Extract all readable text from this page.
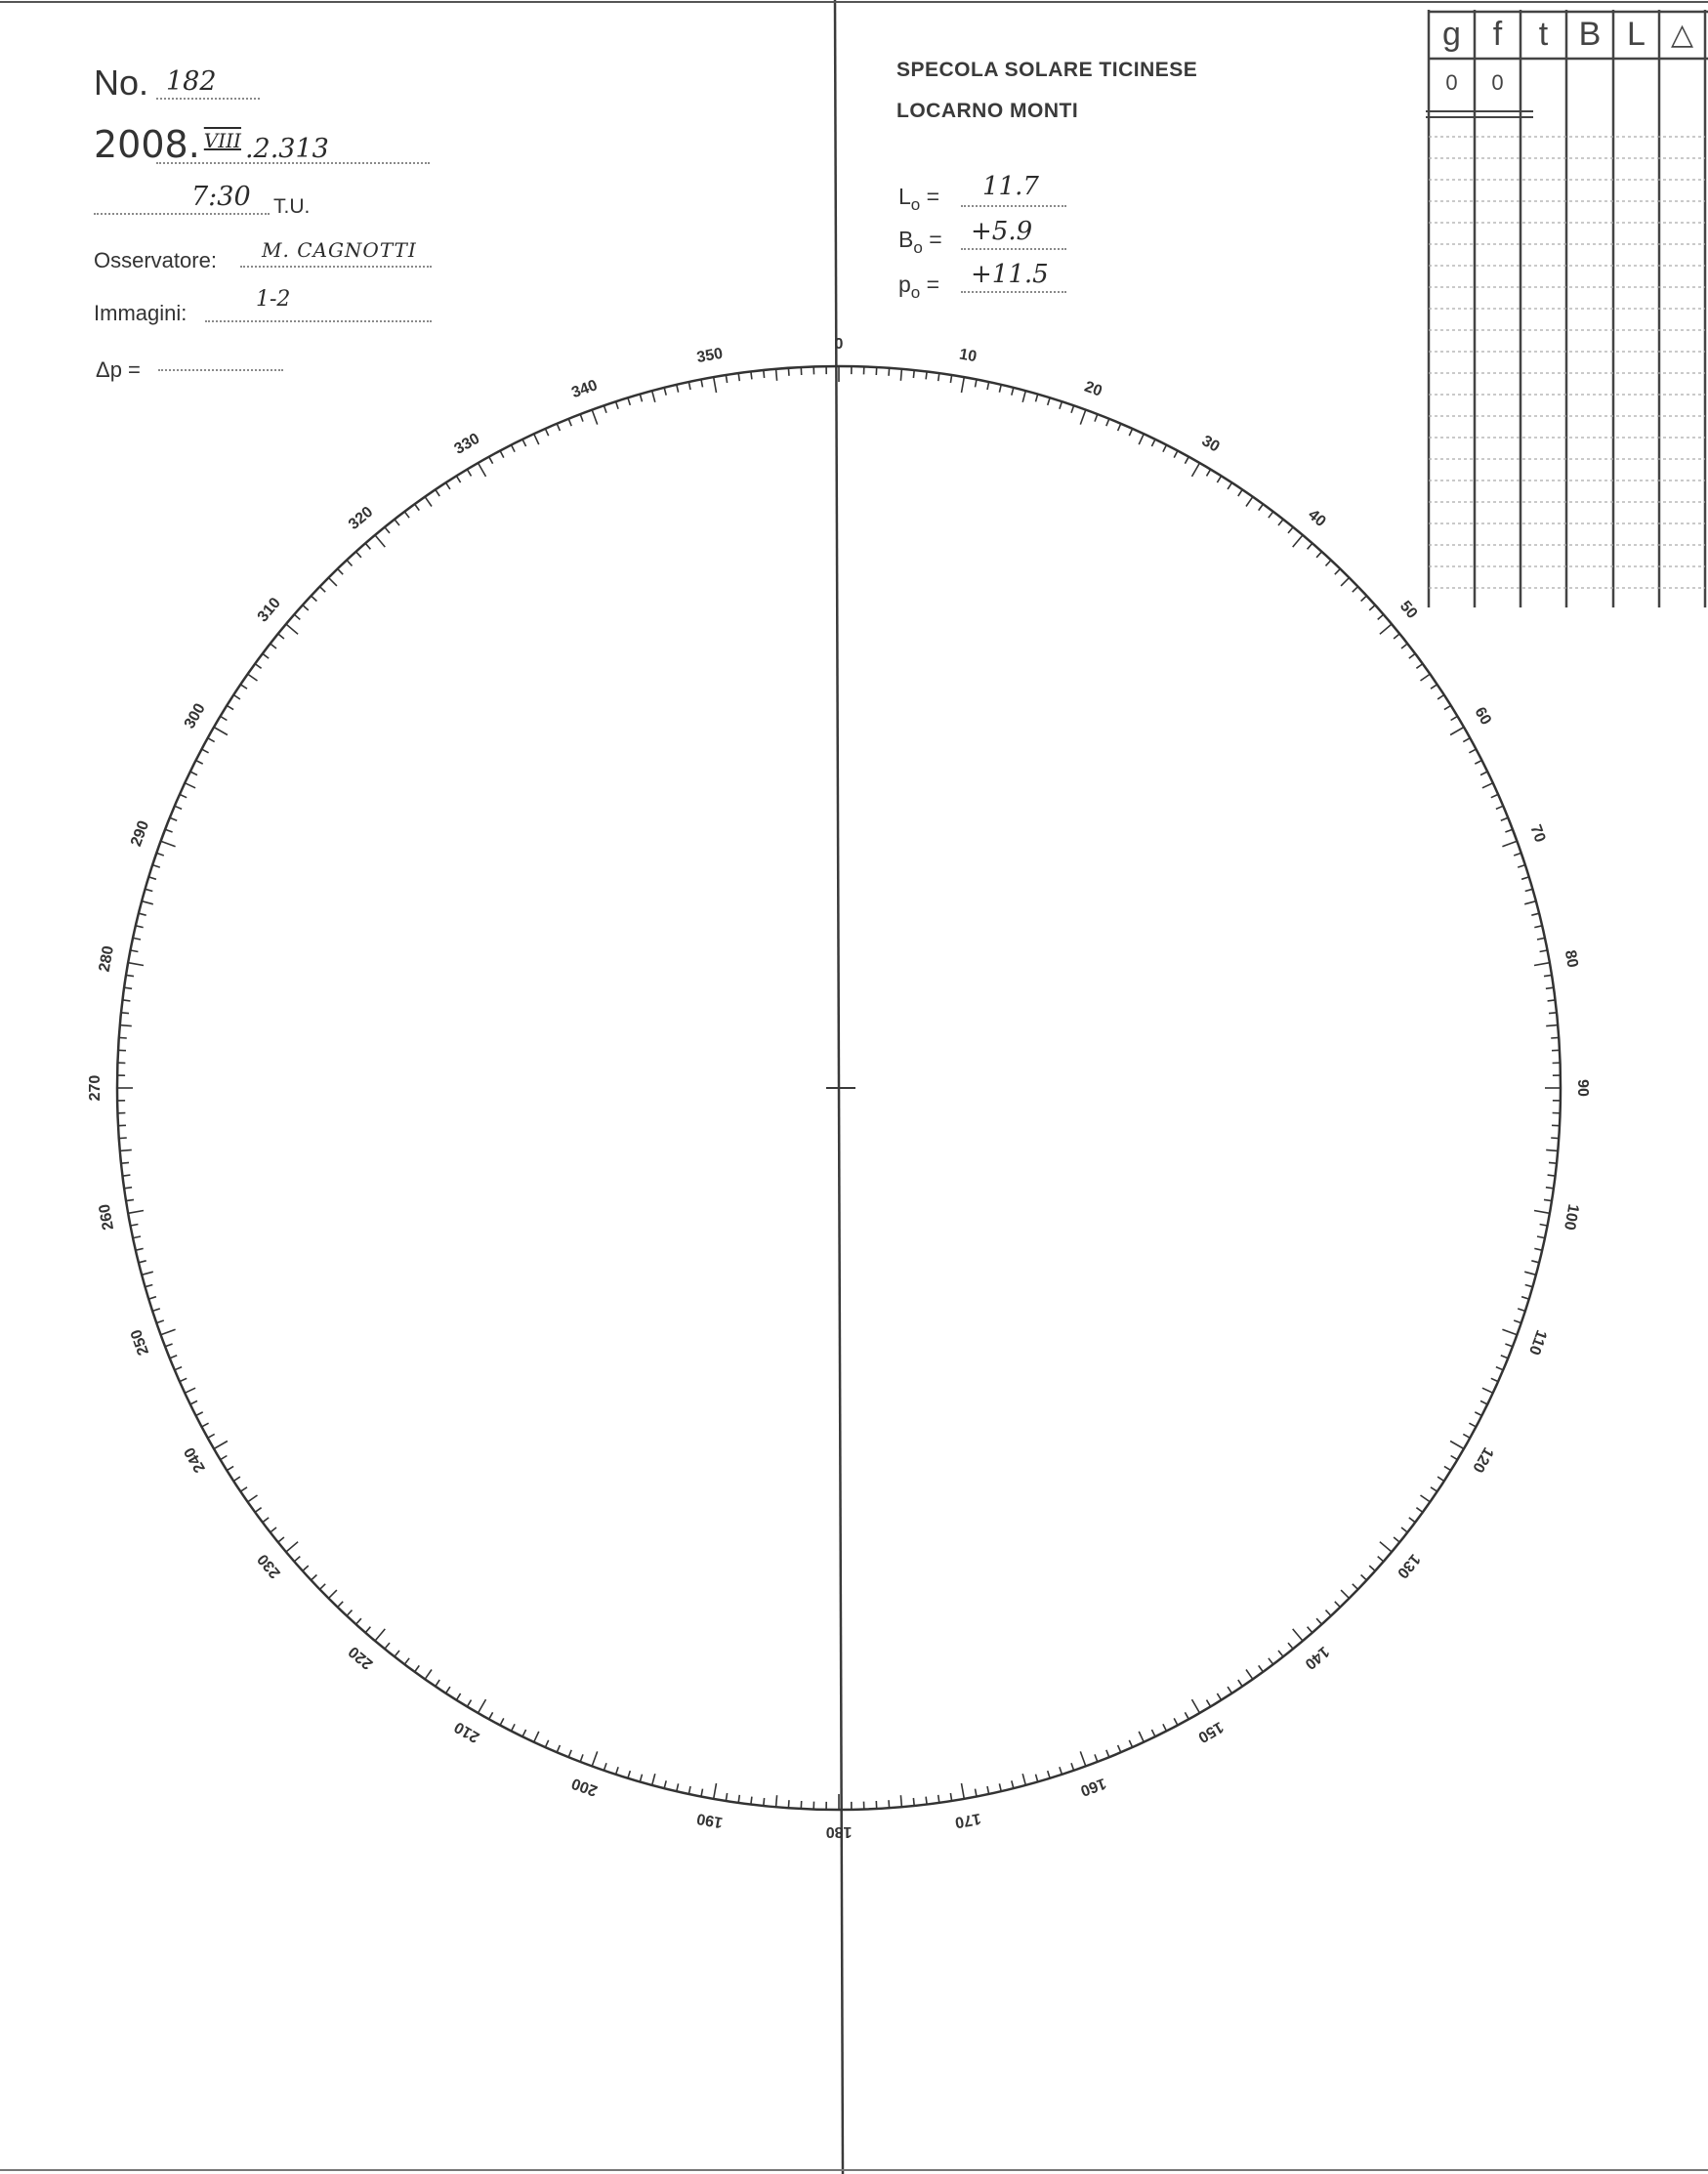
0
10
20
30
40
50
60
70
80
90
100
110
120
130
140
150
160
170
180
190
200
210
220
230
240
250
260
270
280
290
300
310
320
330
340
350
No. 182
2008. VIII .2.313
7:30 T.U.
Osservatore: M. CAGNOTTI
Immagini:
1-2
Δp =
SPECOLA SOLARE TICINESE
LOCARNO MONTI
$L_o = 11.7$
$B_o = +5.9$
$p_o = +11.5$
g f	t B L △
0	0
